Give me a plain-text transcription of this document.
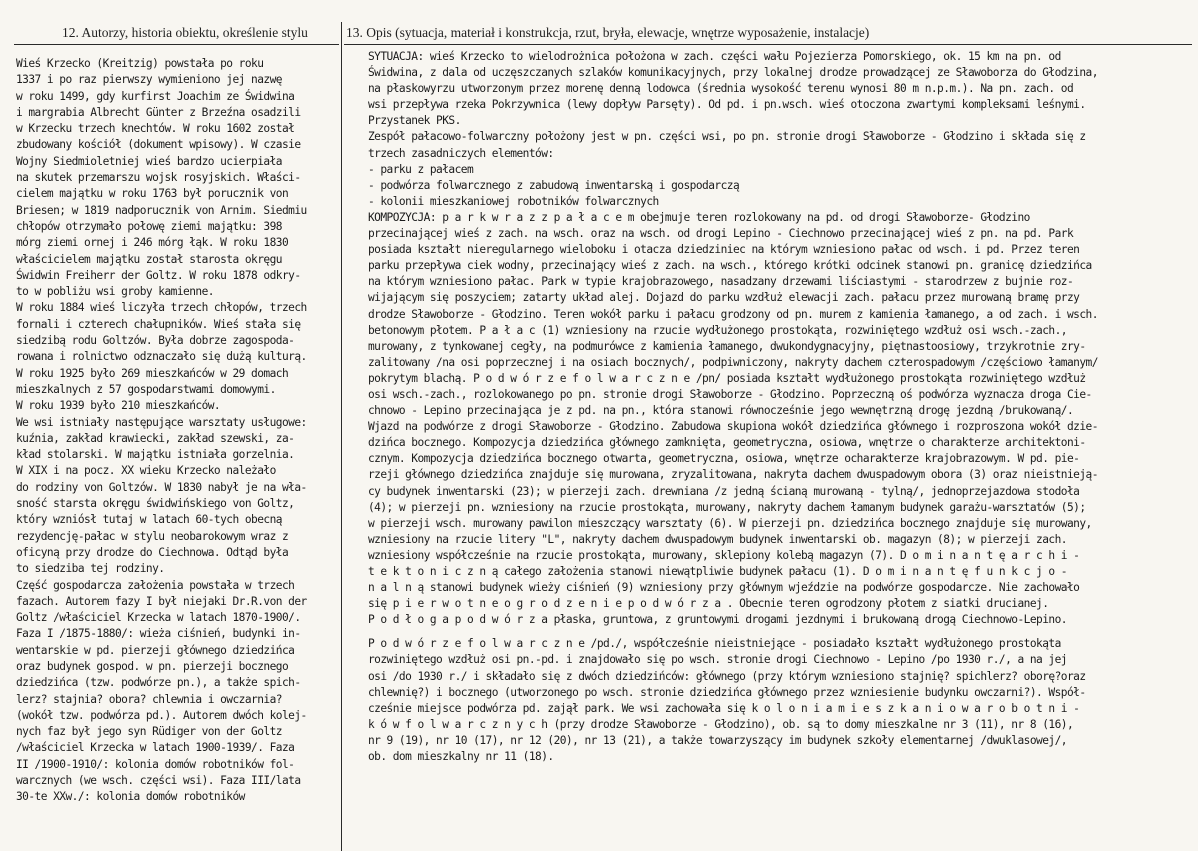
12. Autorzy, historia obiektu, określenie stylu	13. Opis (sytuacja, materiał i konstrukcja, rzut, bryła, elewacje, wnętrze wyposażenie, instalacje)
Wieś Krzecko (Kreitzig) powstała po roku
1337 i po raz pierwszy wymieniono jej nazwę
w roku 1499, gdy kurfirst Joachim ze Świdwina
i margrabia Albrecht Günter z Brzeźna osadzili
w Krzecku trzech knechtów. W roku 1602 został
zbudowany kościół (dokument wpisowy). W czasie
Wojny Siedmioletniej wieś bardzo ucierpiała
na skutek przemarszu wojsk rosyjskich. Właści-
cielem majątku w roku 1763 był porucznik von
Briesen; w 1819 nadporucznik von Arnim. Siedmiu
chłopów otrzymało połowę ziemi majątku: 398
mórg ziemi ornej i 246 mórg łąk. W roku 1830
właścicielem majątku został starosta okręgu
Świdwin Freiherr der Goltz. W roku 1878 odkry-
to w pobliżu wsi groby kamienne.
W roku 1884 wieś liczyła trzech chłopów, trzech
fornali i czterech chałupników. Wieś stała się
siedzibą rodu Goltzów. Była dobrze zagospoda-
rowana i rolnictwo odznaczało się dużą kulturą.
W roku 1925 było 269 mieszkańców w 29 domach
mieszkalnych z 57 gospodarstwami domowymi.
W roku 1939 było 210 mieszkańców.
We wsi istniały następujące warsztaty usługowe:
kuźnia, zakład krawiecki, zakład szewski, za-
kład stolarski. W majątku istniała gorzelnia.
W XIX i na pocz. XX wieku Krzecko należało
do rodziny von Goltzów. W 1830 nabył je na wła-
sność starsta okręgu świdwińskiego von Goltz,
który wzniósł tutaj w latach 60-tych obecną
rezydencję-pałac w stylu neobarokowym wraz z
oficyną przy drodze do Ciechnowa. Odtąd była
to siedziba tej rodziny.
Część gospodarcza założenia powstała w trzech
fazach. Autorem fazy I był niejaki Dr.R.von der
Goltz /właściciel Krzecka w latach 1870-1900/.
Faza I /1875-1880/: wieża ciśnień, budynki in-
wentarskie w pd. pierzeji głównego dziedzińca
oraz budynek gospod. w pn. pierzeji bocznego
dziedzińca (tzw. podwórze pn.), a także spich-
lerz? stajnia? obora? chlewnia i owczarnia?
(wokół tzw. podwórza pd.). Autorem dwóch kolej-
nych faz był jego syn Rüdiger von der Goltz
/właściciel Krzecka w latach 1900-1939/. Faza
II /1900-1910/: kolonia domów robotników fol-
warcznych (we wsch. części wsi). Faza III/lata
30-te XXw./: kolonia domów robotników
SYTUACJA: wieś Krzecko to wielodrożnica położona w zach. części wału Pojezierza Pomorskiego, ok. 15 km na pn. od
Świdwina, z dala od uczęszczanych szlaków komunikacyjnych, przy lokalnej drodze prowadzącej ze Sławoborza do Głodzina,
na płaskowyrzu utworzonym przez morenę denną lodowca (średnia wysokość terenu wynosi 80 m n.p.m.). Na pn. zach. od
wsi przepływa rzeka Pokrzywnica (lewy dopływ Parsęty). Od pd. i pn.wsch. wieś otoczona zwartymi kompleksami leśnymi.
Przystanek PKS.
Zespół pałacowo-folwarczny położony jest w pn. części wsi, po pn. stronie drogi Sławoborze - Głodzino i składa się z
trzech zasadniczych elementów:
- parku z pałacem
- podwórza folwarcznego z zabudową inwentarską i gospodarczą
- kolonii mieszkaniowej robotników folwarcznych
KOMPOZYCJA: p a r k w r a z z p a ł a c e m obejmuje teren rozlokowany na pd. od drogi Sławoborze- Głodzino
przecinającej wieś z zach. na wsch. oraz na wsch. od drogi Lepino - Ciechnowo przecinającej wieś z pn. na pd. Park
posiada kształt nieregularnego wieloboku i otacza dziedziniec na którym wzniesiono pałac od wsch. i pd. Przez teren
parku przepływa ciek wodny, przecinający wieś z zach. na wsch., którego krótki odcinek stanowi pn. granicę dziedzińca
na którym wzniesiono pałac. Park w typie krajobrazowego, nasadzany drzewami liściastymi - starodrzew z bujnie roz-
wijającym się poszyciem; zatarty układ alej. Dojazd do parku wzdłuż elewacji zach. pałacu przez murowaną bramę przy
drodze Sławoborze - Głodzino. Teren wokół parku i pałacu grodzony od pn. murem z kamienia łamanego, a od zach. i wsch.
betonowym płotem. P a ł a c (1) wzniesiony na rzucie wydłużonego prostokąta, rozwiniętego wzdłuż osi wsch.-zach.,
murowany, z tynkowanej cegły, na podmurówce z kamienia łamanego, dwukondygnacyjny, piętnastoosiowy, trzykrotnie zry-
zalitowany /na osi poprzecznej i na osiach bocznych/, podpiwniczony, nakryty dachem czterospadowym /częściowo łamanym/
pokrytym blachą. P o d w ó r z e f o l w a r c z n e /pn/ posiada kształt wydłużonego prostokąta rozwiniętego wzdłuż
osi wsch.-zach., rozlokowanego po pn. stronie drogi Sławoborze - Głodzino. Poprzeczną oś podwórza wyznacza droga Cie-
chnowo - Lepino przecinająca je z pd. na pn., która stanowi równocześnie jego wewnętrzną drogę jezdną /brukowaną/.
Wjazd na podwórze z drogi Sławoborze - Głodzino. Zabudowa skupiona wokół dziedzińca głównego i rozproszona wokół dzie-
dzińca bocznego. Kompozycja dziedzińca głównego zamknięta, geometryczna, osiowa, wnętrze o charakterze architektoni-
cznym. Kompozycja dziedzińca bocznego otwarta, geometryczna, osiowa, wnętrze ocharakterze krajobrazowym. W pd. pie-
rzeji głównego dziedzińca znajduje się murowana, zryzalitowana, nakryta dachem dwuspadowym obora (3) oraz nieistnieją-
cy budynek inwentarski (23); w pierzeji zach. drewniana /z jedną ścianą murowaną - tylną/, jednoprzejazdowa stodoła
(4); w pierzeji pn. wzniesiony na rzucie prostokąta, murowany, nakryty dachem łamanym budynek garażu-warsztatów (5);
w pierzeji wsch. murowany pawilon mieszczący warsztaty (6). W pierzeji pn. dziedzińca bocznego znajduje się murowany,
wzniesiony na rzucie litery "L", nakryty dachem dwuspadowym budynek inwentarski ob. magazyn (8); w pierzeji zach.
wzniesiony współcześnie na rzucie prostokąta, murowany, sklepiony kolebą magazyn (7). D o m i n a n t ę a r c h i -
t e k t o n i c z n ą całego założenia stanowi niewątpliwie budynek pałacu (1). D o m i n a n t ę f u n k c j o -
n a l n ą stanowi budynek wieży ciśnień (9) wzniesiony przy głównym wjeździe na podwórze gospodarcze. Nie zachowało
się p i e r w o t n e o g r o d z e n i e p o d w ó r z a . Obecnie teren ogrodzony płotem z siatki drucianej.
P o d ł o g a p o d w ó r z a płaska, gruntowa, z gruntowymi drogami jezdnymi i brukowaną drogą Ciechnowo-Lepino.
P o d w ó r z e f o l w a r c z n e /pd./, współcześnie nieistniejące - posiadało kształt wydłużonego prostokąta
rozwiniętego wzdłuż osi pn.-pd. i znajdowało się po wsch. stronie drogi Ciechnowo - Lepino /po 1930 r./, a na jej
osi /do 1930 r./ i składało się z dwóch dziedzińców: głównego (przy którym wzniesiono stajnię? spichlerz? oborę?oraz
chlewnię?) i bocznego (utworzonego po wsch. stronie dziedzińca głównego przez wzniesienie budynku owczarni?). Współ-
cześnie miejsce podwórza pd. zajął park. We wsi zachowała się k o l o n i a m i e s z k a n i o w a r o b o t n i -
k ó w f o l w a r c z n y c h (przy drodze Sławoborze - Głodzino), ob. są to domy mieszkalne nr 3 (11), nr 8 (16),
nr 9 (19), nr 10 (17), nr 12 (20), nr 13 (21), a także towarzyszący im budynek szkoły elementarnej /dwuklasowej/,
ob. dom mieszkalny nr 11 (18).
